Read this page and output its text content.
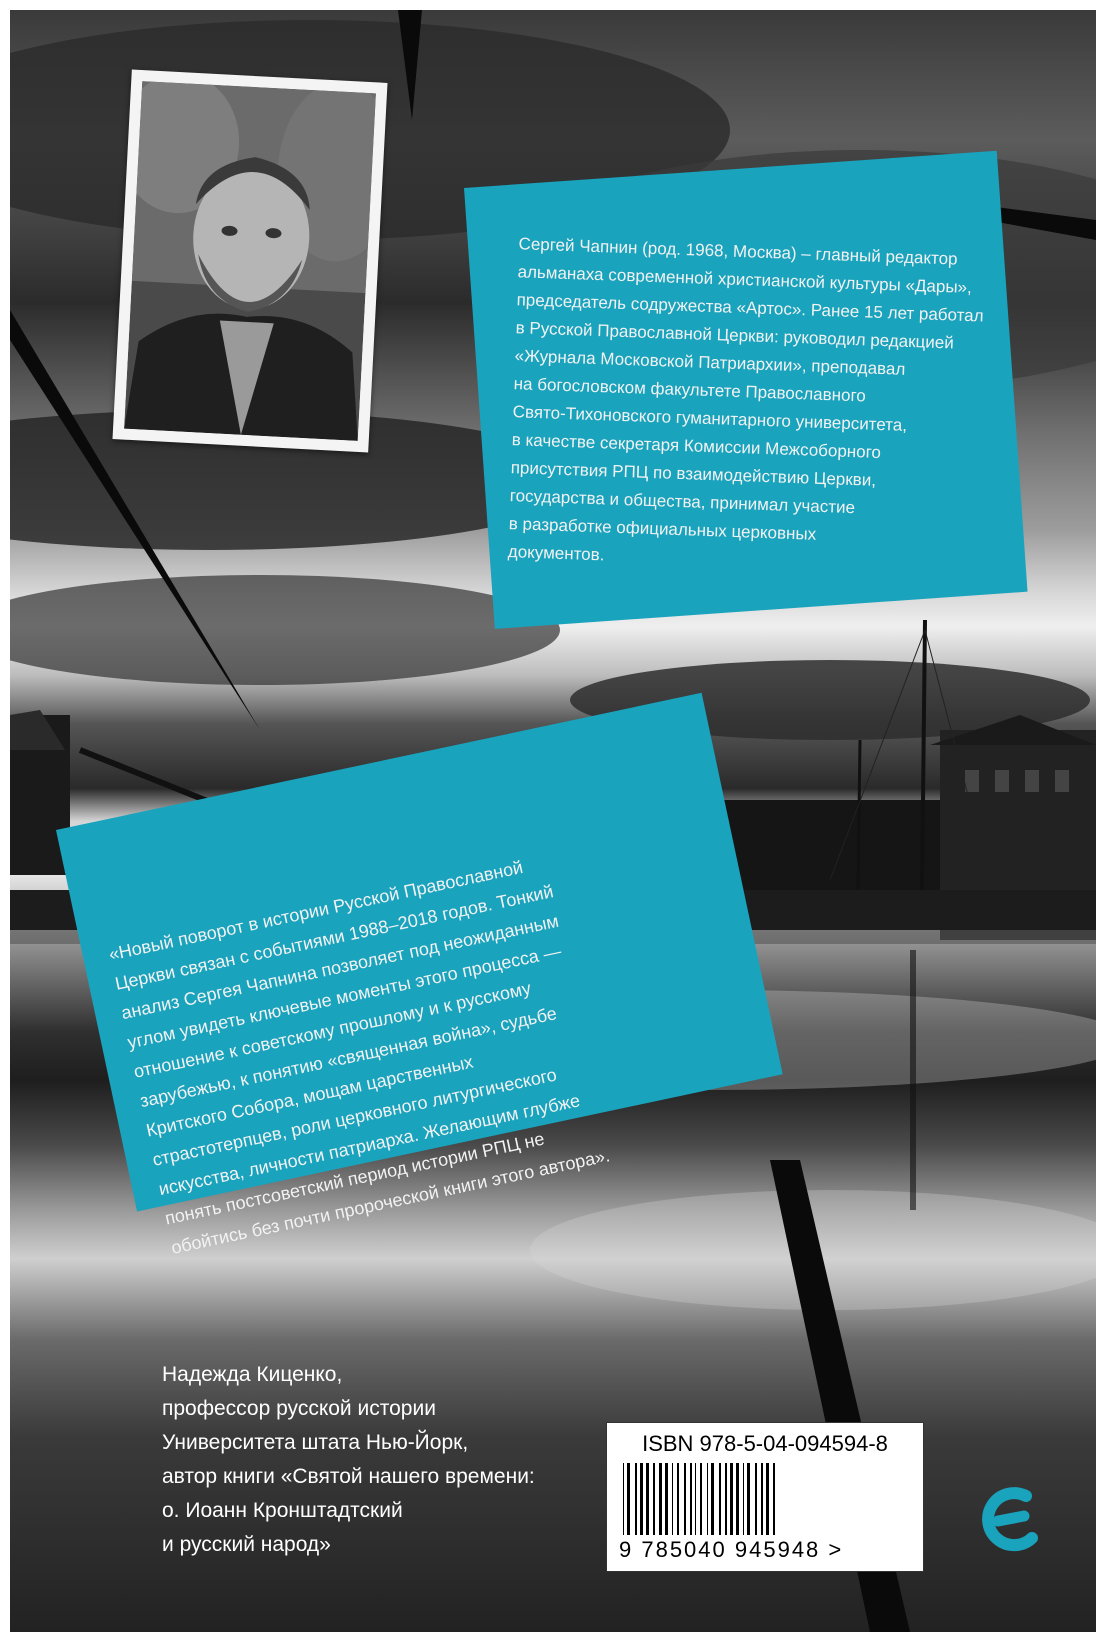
Сергей Чапнин (род. 1968, Москва) – главный редактор
альманаха современной христианской культуры «Дары»,
председатель содружества «Артос». Ранее 15 лет работал
в Русской Православной Церкви: руководил редакцией
«Журнала Московской Патриархии», преподавал
на богословском факультете Православного
Свято-Тихоновского гуманитарного университета,
в качестве секретаря Комиссии Межсоборного
присутствия РПЦ по взаимодействию Церкви,
государства и общества, принимал участие
в разработке официальных церковных
документов.
«Новый поворот в истории Русской Православной
Церкви связан с событиями 1988–2018 годов. Тонкий
анализ Сергея Чапнина позволяет под неожиданным
углом увидеть ключевые моменты этого процесса —
отношение к советскому прошлому и к русскому
зарубежью, к понятию «священная война», судьбе
Критского Собора, мощам царственных
страстотерпцев, роли церковного литургического
искусства, личности патриарха. Желающим глубже
понять постсоветский период истории РПЦ не
обойтись без почти пророческой книги этого автора».
Надежда Киценко,
профессор русской истории
Университета штата Нью-Йорк,
автор книги «Святой нашего времени:
о. Иоанн Кронштадтский
и русский народ»
ISBN 978-5-04-094594-8
9 785040 945948 >
